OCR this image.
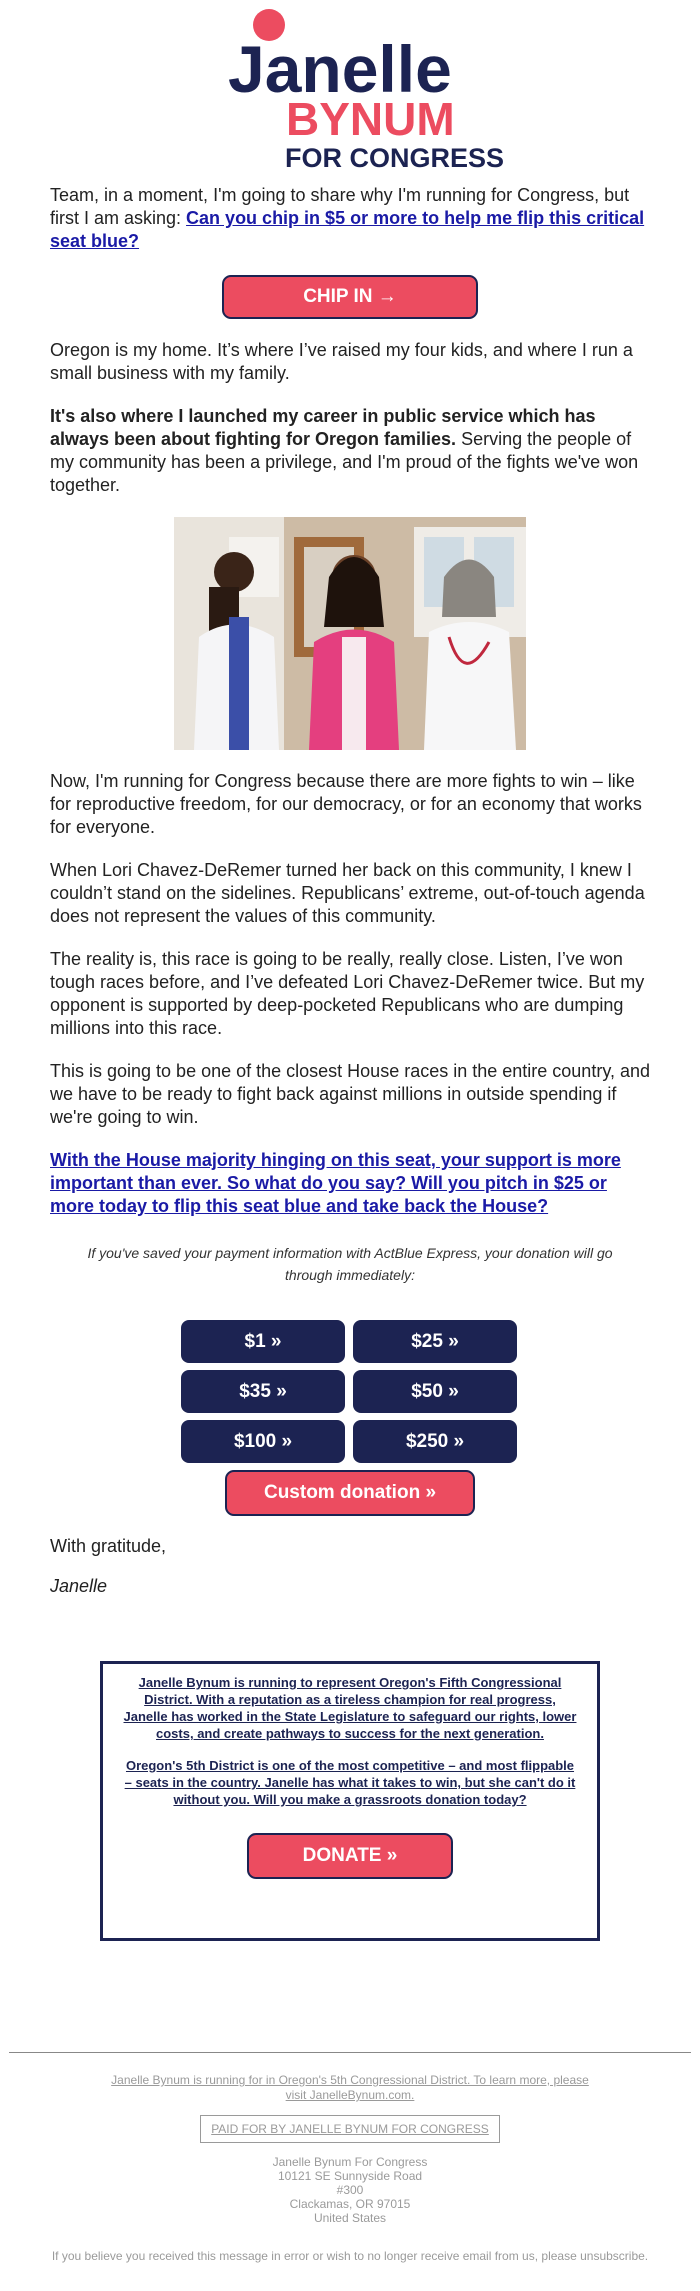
Janelle
BYNUM
FOR CONGRESS

Team, in a moment, I'm going to share why I'm running for Congress, but first I am asking: Can you chip in $5 or more to help me flip this critical seat blue?

CHIP IN →

Oregon is my home. It’s where I’ve raised my four kids, and where I run a small business with my family.

It's also where I launched my career in public service which has always been about fighting for Oregon families. Serving the people of my community has been a privilege, and I'm proud of the fights we've won together.

Now, I'm running for Congress because there are more fights to win – like for reproductive freedom, for our democracy, or for an economy that works for everyone.

When Lori Chavez-DeRemer turned her back on this community, I knew I couldn’t stand on the sidelines. Republicans’ extreme, out-of-touch agenda does not represent the values of this community.

The reality is, this race is going to be really, really close. Listen, I’ve won tough races before, and I’ve defeated Lori Chavez-DeRemer twice. But my opponent is supported by deep-pocketed Republicans who are dumping millions into this race.

This is going to be one of the closest House races in the entire country, and we have to be ready to fight back against millions in outside spending if we're going to win.

With the House majority hinging on this seat, your support is more important than ever. So what do you say? Will you pitch in $25 or more today to flip this seat blue and take back the House?

If you've saved your payment information with ActBlue Express, your donation will go through immediately:
$1 »	$25 »
$35 »	$50 »
$100 »	$250 »
Custom donation »
With gratitude,
Janelle

Janelle Bynum is running to represent Oregon's Fifth Congressional District. With a reputation as a tireless champion for real progress, Janelle has worked in the State Legislature to safeguard our rights, lower costs, and create pathways to success for the next generation.

Oregon's 5th District is one of the most competitive – and most flippable – seats in the country. Janelle has what it takes to win, but she can't do it without you. Will you make a grassroots donation today?

DONATE »
Janelle Bynum is running for in Oregon's 5th Congressional District. To learn more, please visit JanelleBynum.com.
PAID FOR BY JANELLE BYNUM FOR CONGRESS
Janelle Bynum For Congress
10121 SE Sunnyside Road
#300
Clackamas, OR 97015
United States
If you believe you received this message in error or wish to no longer receive email from us, please unsubscribe.
